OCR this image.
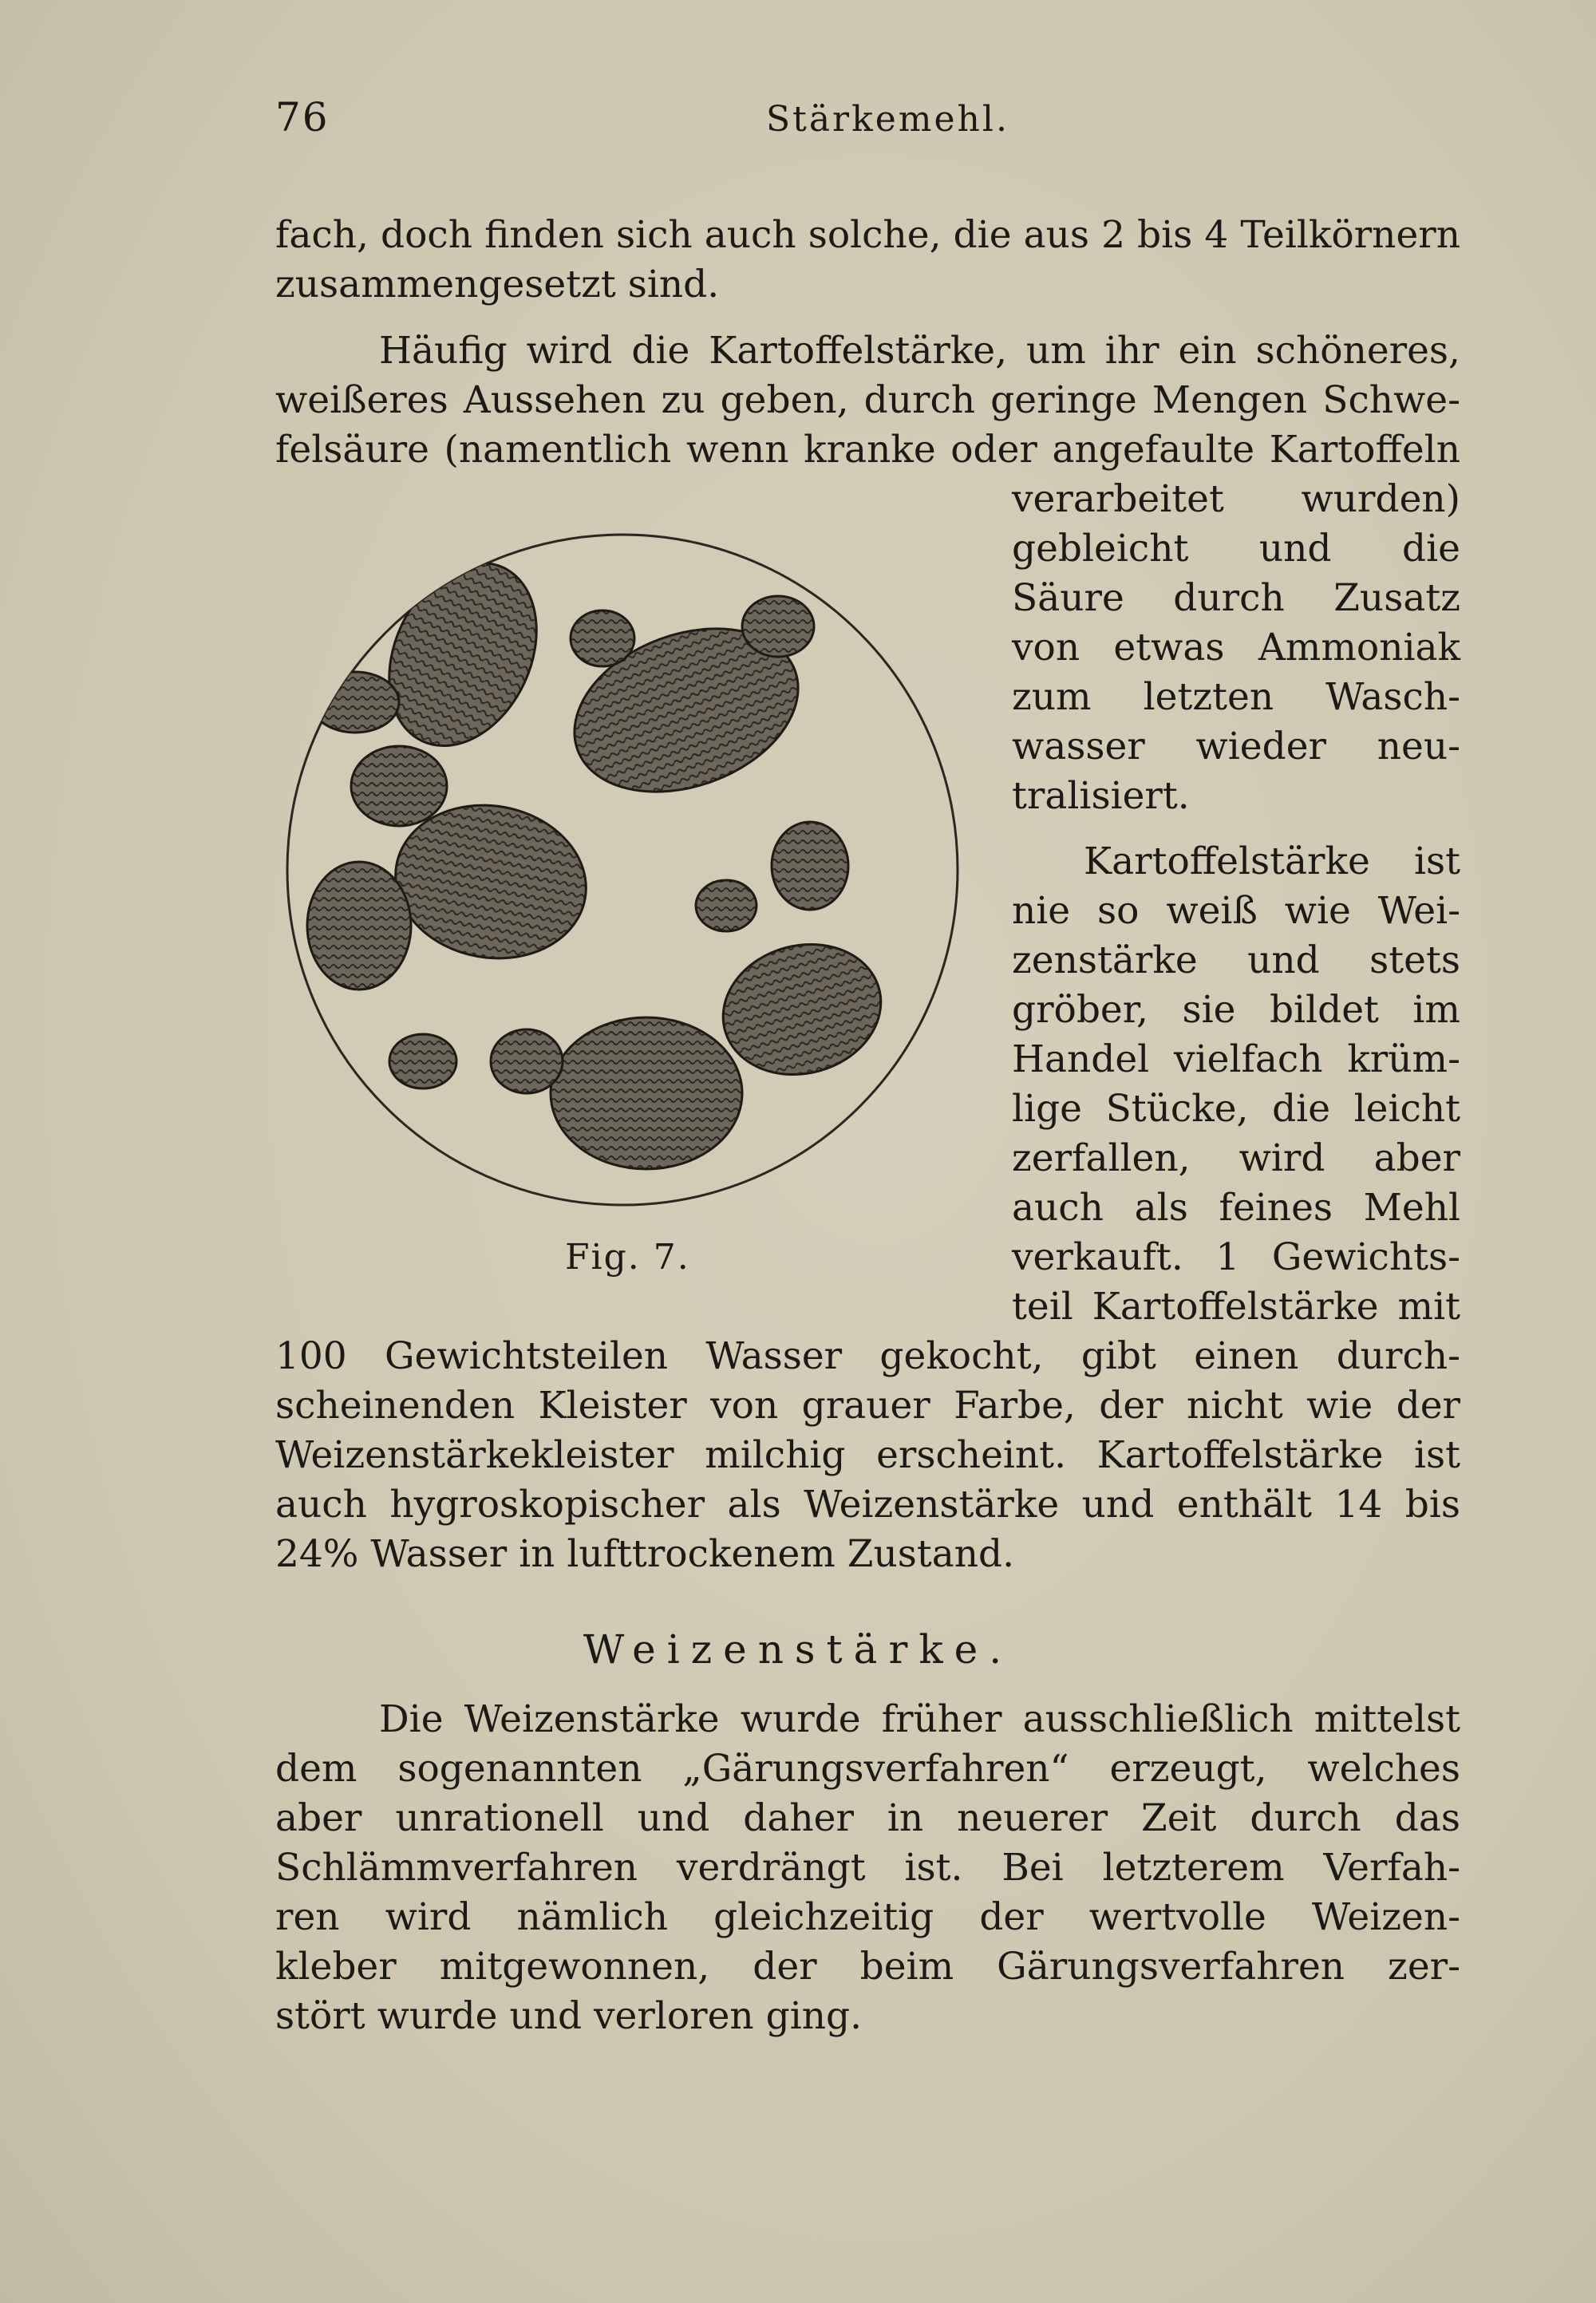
76	Stärkemehl.
fach, doch finden sich auch solche, die aus 2 bis 4 Teilkörnern
zusammengesetzt sind.
Häufig wird die Kartoffelstärke, um ihr ein schöneres,
weißeres Aussehen zu geben, durch geringe Mengen Schwe-
felsäure (namentlich wenn kranke oder angefaulte Kartoffeln
verarbeitet wurden)
gebleicht und die
Säure durch Zusatz
von etwas Ammoniak
zum letzten Wasch-
wasser wieder neu-
tralisiert.
Kartoffelstärke ist
nie so weiß wie Wei-
zenstärke und stets
gröber, sie bildet im
Handel vielfach krüm-
lige Stücke, die leicht
zerfallen, wird aber
auch als feines Mehl
verkauft. 1 Gewichts-
teil Kartoffelstärke mit
100 Gewichtsteilen Wasser gekocht, gibt einen durch-
scheinenden Kleister von grauer Farbe, der nicht wie der
Weizenstärkekleister milchig erscheint. Kartoffelstärke ist
auch hygroskopischer als Weizenstärke und enthält 14 bis
24% Wasser in lufttrockenem Zustand.
Fig. 7.
Weizenstärke.
Die Weizenstärke wurde früher ausschließlich mittelst
dem sogenannten „Gärungsverfahren“ erzeugt, welches
aber unrationell und daher in neuerer Zeit durch das
Schlämmverfahren verdrängt ist. Bei letzterem Verfah-
ren wird nämlich gleichzeitig der wertvolle Weizen-
kleber mitgewonnen, der beim Gärungsverfahren zer-
stört wurde und verloren ging.
